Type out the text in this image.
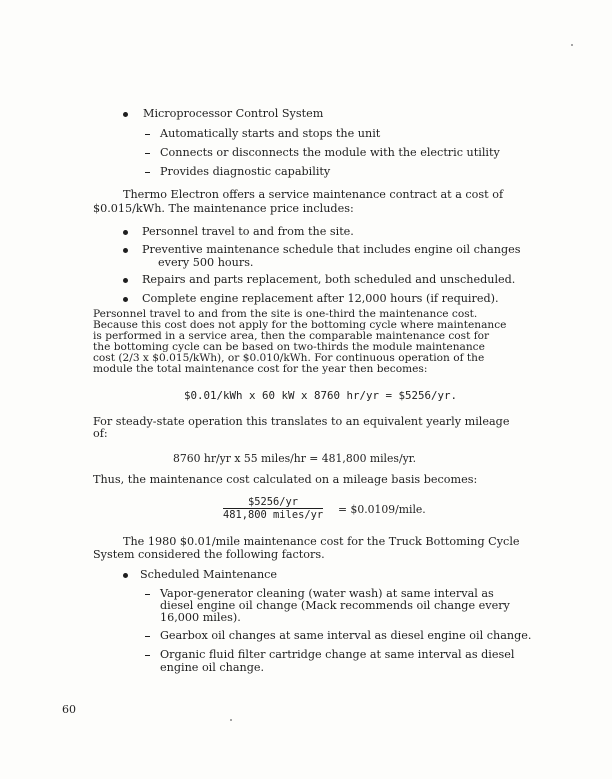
Microprocessor Control System
Automatically starts and stops the unit
Connects or disconnects the module with the electric utility
Provides diagnostic capability
Thermo Electron offers a service maintenance contract at a cost of
$0.015/kWh. The maintenance price includes:
Personnel travel to and from the site.
Preventive maintenance schedule that includes engine oil changes
every 500 hours.
Repairs and parts replacement, both scheduled and unscheduled.
Complete engine replacement after 12,000 hours (if required).
Personnel travel to and from the site is one-third the maintenance cost.
Because this cost does not apply for the bottoming cycle where maintenance
is performed in a service area, then the comparable maintenance cost for
the bottoming cycle can be based on two-thirds the module maintenance
cost (2/3 x $0.015/kWh), or $0.010/kWh. For continuous operation of the
module the total maintenance cost for the year then becomes:
$0.01/kWh x 60 kW x 8760 hr/yr = $5256/yr.
For steady-state operation this translates to an equivalent yearly mileage
of:
8760 hr/yr x 55 miles/hr = 481,800 miles/yr.
Thus, the maintenance cost calculated on a mileage basis becomes:
$5256/yr
481,800 miles/yr = $0.0109/mile.
The 1980 $0.01/mile maintenance cost for the Truck Bottoming Cycle
System considered the following factors.
Scheduled Maintenance
Vapor-generator cleaning (water wash) at same interval as
diesel engine oil change (Mack recommends oil change every
16,000 miles).
Gearbox oil changes at same interval as diesel engine oil change.
Organic fluid filter cartridge change at same interval as diesel
engine oil change.
60
